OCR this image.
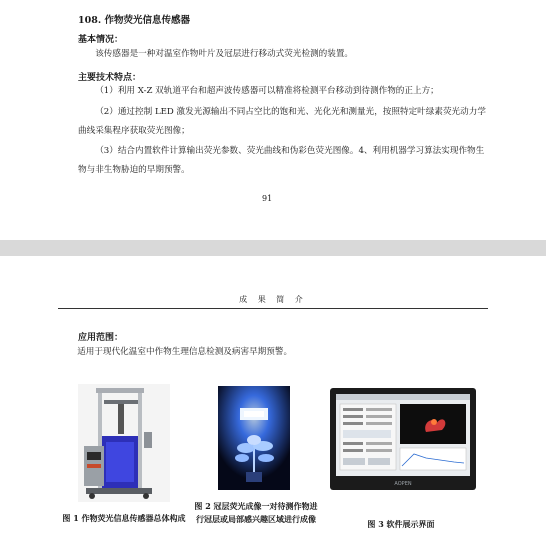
108. 作物荧光信息传感器
基本情况：
该传感器是一种对温室作物叶片及冠层进行移动式荧光检测的装置。
主要技术特点：
（1）利用 X-Z 双轨道平台和超声波传感器可以精准将检测平台移动到待测作物的正上方；
（2）通过控制 LED 激发光源输出不同占空比的饱和光、光化光和测量光，按照特定叶绿素荧光动力学曲线采集程序获取荧光图像；
（3）结合内置软件计算输出荧光参数、荧光曲线和伪彩色荧光图像。4、利用机器学习算法实现作物生物与非生物胁迫的早期预警。
91
成 果 简 介
应用范围：
适用于现代化温室中作物生理信息检测及病害早期预警。
图 1 作物荧光信息传感器总体构成
图 2 冠层荧光成像一对待测作物进行冠层或局部感兴趣区域进行成像
AOPEN
图 3 软件展示界面
